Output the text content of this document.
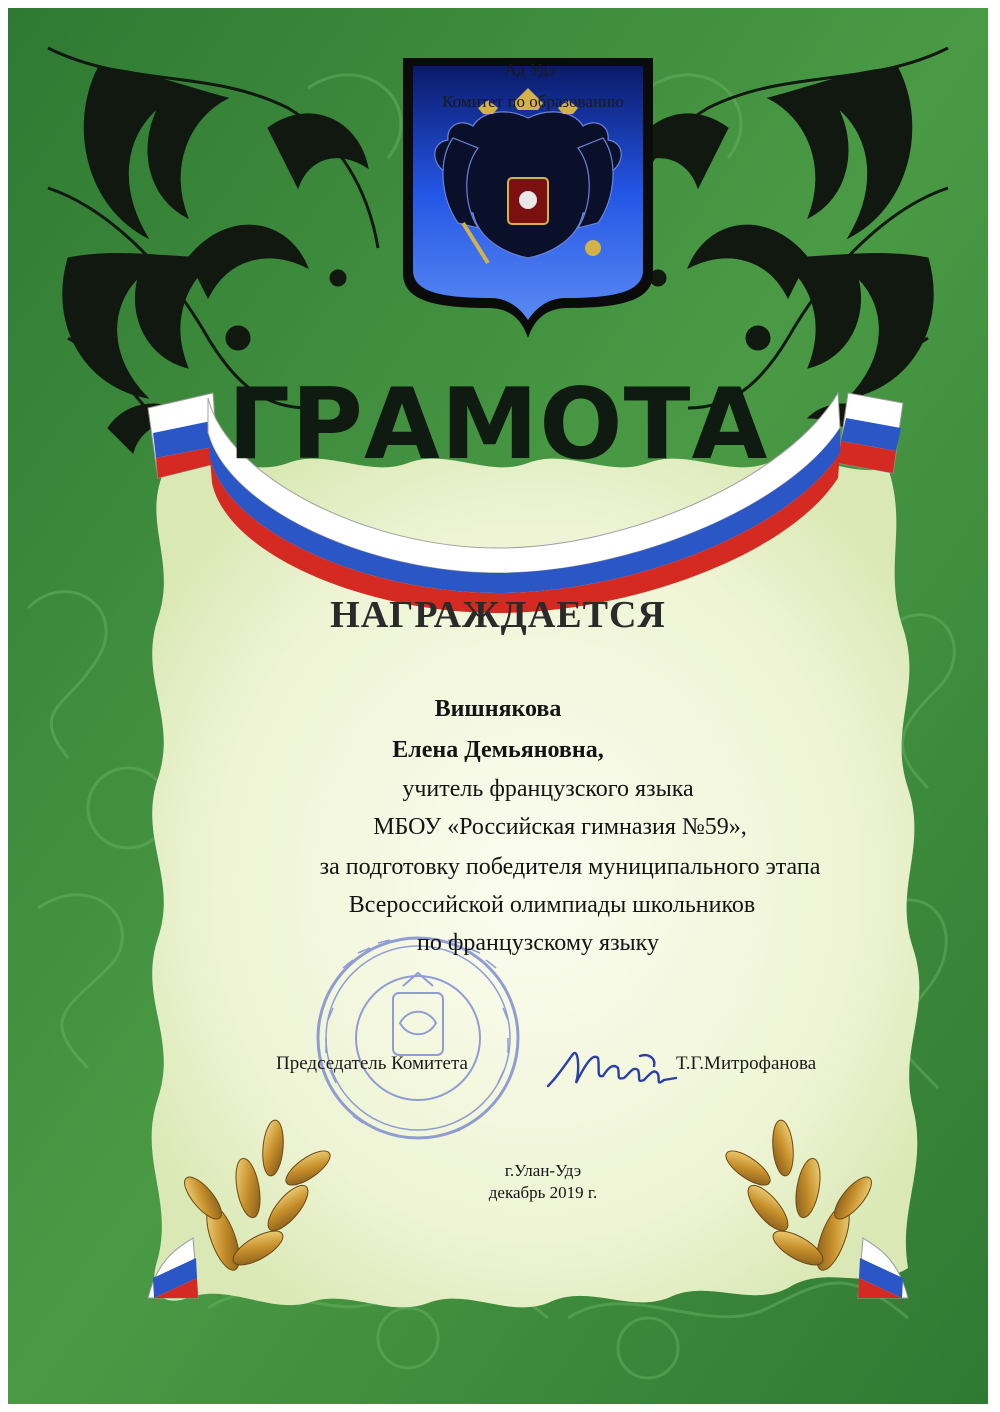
Ад Удэ
Комитет по образованию
ГРАМОТА
НАГРАЖДАЕТСЯ
Вишнякова
Елена Демьяновна,
учитель французского языка
МБОУ «Российская гимназия №59»,
за подготовку победителя муниципального этапа
Всероссийской олимпиады школьников
по французскому языку
Председатель Комитета	Т.Г.Митрофанова
г.Улан-Удэ
декабрь 2019 г.
